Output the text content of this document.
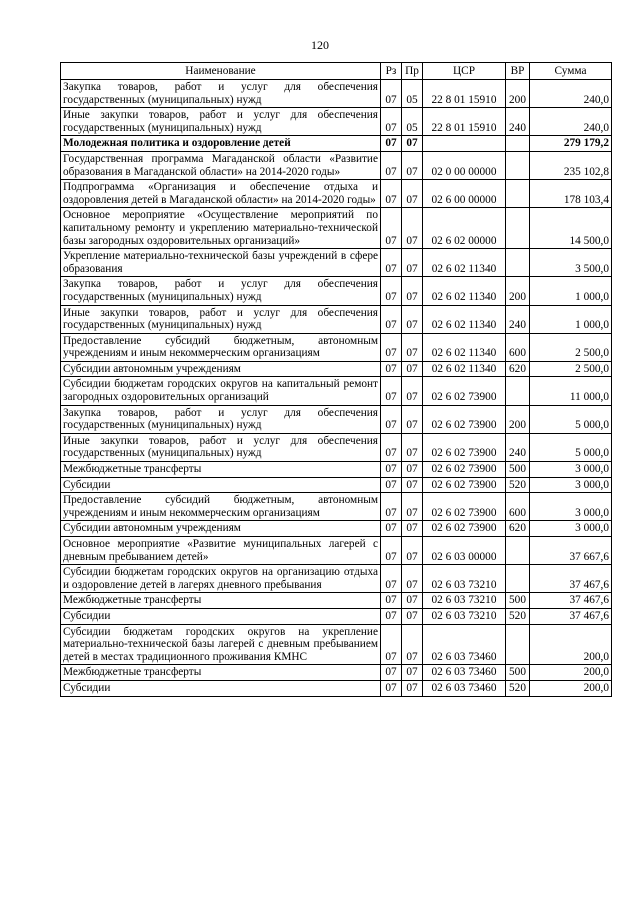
120
Наименование	Рз	Пр	ЦСР	ВР	Сумма
Закупка товаров, работ и услуг для обеспечения государственных (муниципальных) нужд	07	05	22 8 01 15910	200	240,0
Иные закупки товаров, работ и услуг для обеспечения государственных (муниципальных) нужд	07	05	22 8 01 15910	240	240,0
Молодежная политика и оздоровление детей	07	07			279 179,2
Государственная программа Магаданской области «Развитие образования в Магаданской области» на 2014-2020 годы»	07	07	02 0 00 00000		235 102,8
Подпрограмма «Организация и обеспечение отдыха и оздоровления детей в Магаданской области» на 2014-2020 годы»	07	07	02 6 00 00000		178 103,4
Основное мероприятие «Осуществление мероприятий по капитальному ремонту и укреплению материально-технической базы загородных оздоровительных организаций»	07	07	02 6 02 00000		14 500,0
Укрепление материально-технической базы учреждений в сфере образования	07	07	02 6 02 11340		3 500,0
Закупка товаров, работ и услуг для обеспечения государственных (муниципальных) нужд	07	07	02 6 02 11340	200	1 000,0
Иные закупки товаров, работ и услуг для обеспечения государственных (муниципальных) нужд	07	07	02 6 02 11340	240	1 000,0
Предоставление субсидий бюджетным, автономным учреждениям и иным некоммерческим организациям	07	07	02 6 02 11340	600	2 500,0
Субсидии автономным учреждениям	07	07	02 6 02 11340	620	2 500,0
Субсидии бюджетам городских округов на капитальный ремонт загородных оздоровительных организаций	07	07	02 6 02 73900		11 000,0
Закупка товаров, работ и услуг для обеспечения государственных (муниципальных) нужд	07	07	02 6 02 73900	200	5 000,0
Иные закупки товаров, работ и услуг для обеспечения государственных (муниципальных) нужд	07	07	02 6 02 73900	240	5 000,0
Межбюджетные трансферты	07	07	02 6 02 73900	500	3 000,0
Субсидии	07	07	02 6 02 73900	520	3 000,0
Предоставление субсидий бюджетным, автономным учреждениям и иным некоммерческим организациям	07	07	02 6 02 73900	600	3 000,0
Субсидии автономным учреждениям	07	07	02 6 02 73900	620	3 000,0
Основное мероприятие «Развитие муниципальных лагерей с дневным пребыванием детей»	07	07	02 6 03 00000		37 667,6
Субсидии бюджетам городских округов на организацию отдыха и оздоровление детей в лагерях дневного пребывания	07	07	02 6 03 73210		37 467,6
Межбюджетные трансферты	07	07	02 6 03 73210	500	37 467,6
Субсидии	07	07	02 6 03 73210	520	37 467,6
Субсидии бюджетам городских округов на укрепление материально-технической базы лагерей с дневным пребыванием детей в местах традиционного проживания КМНС	07	07	02 6 03 73460		200,0
Межбюджетные трансферты	07	07	02 6 03 73460	500	200,0
Субсидии	07	07	02 6 03 73460	520	200,0
